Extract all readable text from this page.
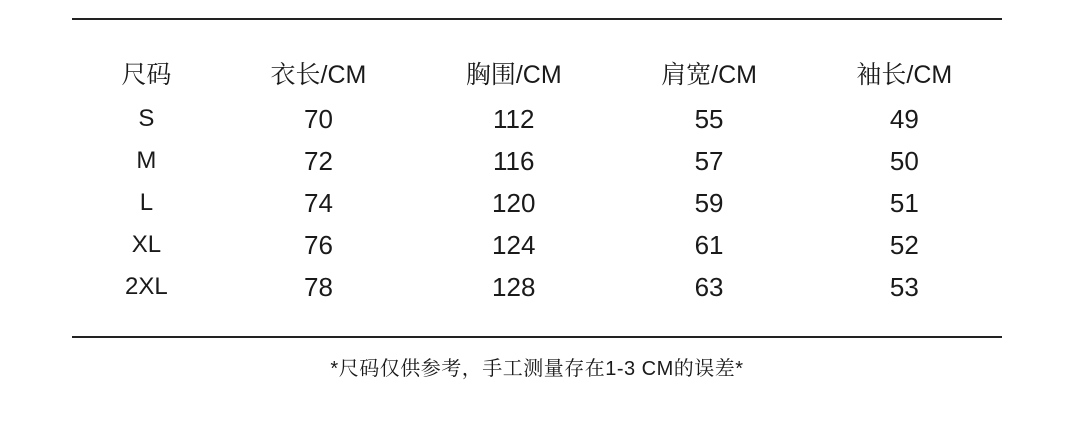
尺码	衣长/CM	胸围/CM	肩宽/CM	袖长/CM
S	70	112	55	49
M	72	116	57	50
L	74	120	59	51
XL	76	124	61	52
2XL	78	128	63	53
*尺码仅供参考，手工测量存在1-3 CM的误差*
